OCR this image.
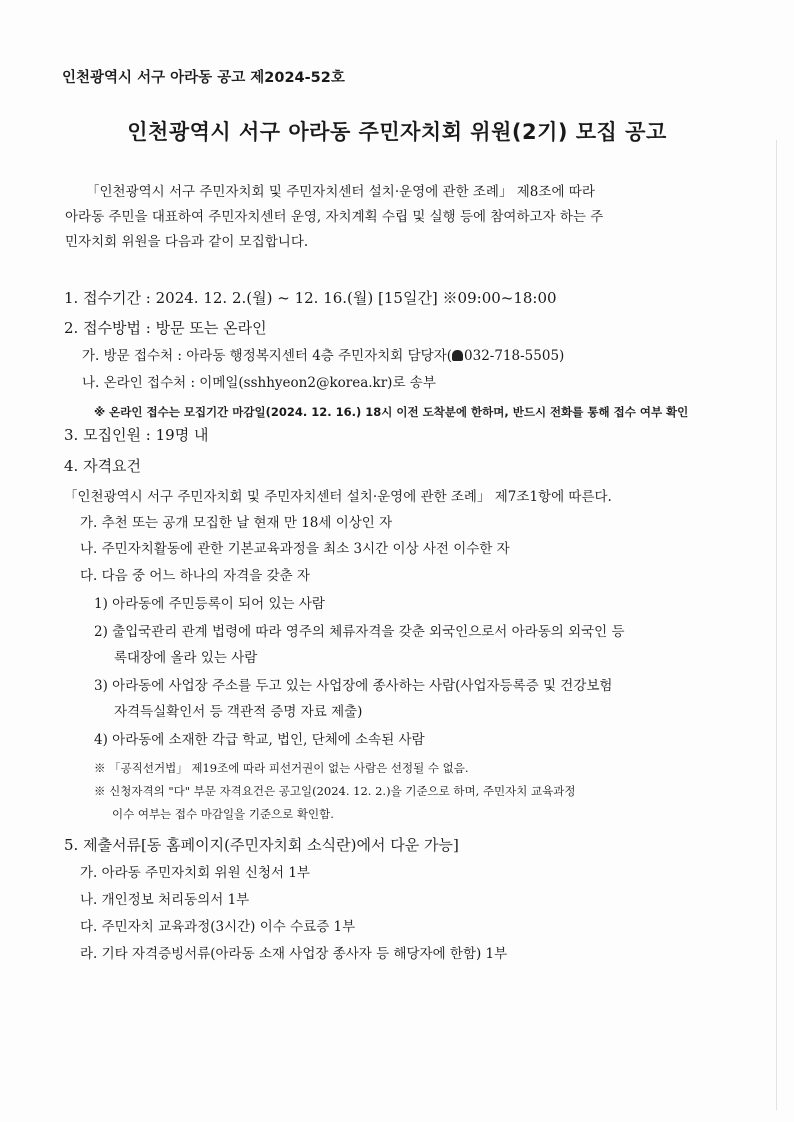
인천광역시 서구 아라동 공고 제2024-52호
인천광역시 서구 아라동 주민자치회 위원(2기) 모집 공고
「인천광역시 서구 주민자치회 및 주민자치센터 설치·운영에 관한 조례」 제8조에 따라
아라동 주민을 대표하여 주민자치센터 운영, 자치계획 수립 및 실행 등에 참여하고자 하는 주
민자치회 위원을 다음과 같이 모집합니다.
1. 접수기간 : 2024. 12. 2.(월) ~ 12. 16.(월) [15일간] ※09:00~18:00
2. 접수방법 : 방문 또는 온라인
가. 방문 접수처 : 아라동 행정복지센터 4층 주민자치회 담당자( 032-718-5505)
나. 온라인 접수처 : 이메일(sshhyeon2@korea.kr)로 송부
※ 온라인 접수는 모집기간 마감일(2024. 12. 16.) 18시 이전 도착분에 한하며, 반드시 전화를 통해 접수 여부 확인
3. 모집인원 : 19명 내
4. 자격요건
「인천광역시 서구 주민자치회 및 주민자치센터 설치·운영에 관한 조례」 제7조1항에 따른다.
가. 추천 또는 공개 모집한 날 현재 만 18세 이상인 자
나. 주민자치활동에 관한 기본교육과정을 최소 3시간 이상 사전 이수한 자
다. 다음 중 어느 하나의 자격을 갖춘 자
1) 아라동에 주민등록이 되어 있는 사람
2) 출입국관리 관계 법령에 따라 영주의 체류자격을 갖춘 외국인으로서 아라동의 외국인 등
록대장에 올라 있는 사람
3) 아라동에 사업장 주소를 두고 있는 사업장에 종사하는 사람(사업자등록증 및 건강보험
자격득실확인서 등 객관적 증명 자료 제출)
4) 아라동에 소재한 각급 학교, 법인, 단체에 소속된 사람
※ 「공직선거법」 제19조에 따라 피선거권이 없는 사람은 선정될 수 없음.
※ 신청자격의 "다" 부문 자격요건은 공고일(2024. 12. 2.)을 기준으로 하며, 주민자치 교육과정
이수 여부는 접수 마감일을 기준으로 확인함.
5. 제출서류[동 홈페이지(주민자치회 소식란)에서 다운 가능]
가. 아라동 주민자치회 위원 신청서 1부
나. 개인정보 처리동의서 1부
다. 주민자치 교육과정(3시간) 이수 수료증 1부
라. 기타 자격증빙서류(아라동 소재 사업장 종사자 등 해당자에 한함) 1부
